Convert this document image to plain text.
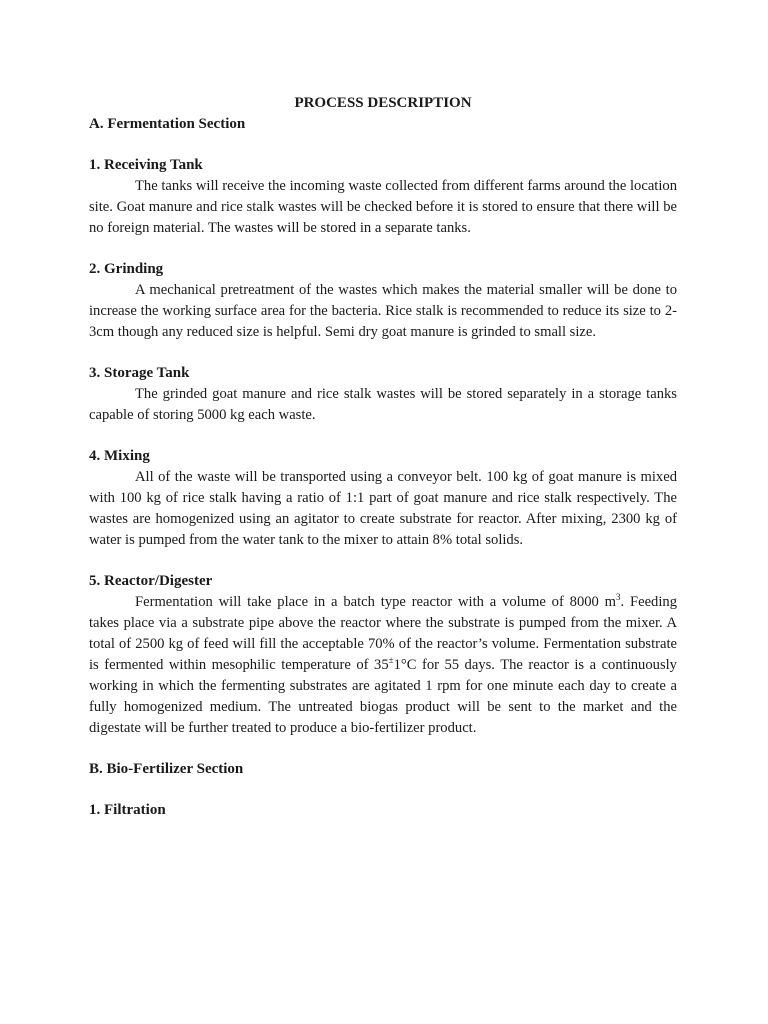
PROCESS DESCRIPTION
A. Fermentation Section
1. Receiving Tank

The tanks will receive the incoming waste collected from different farms around the location site. Goat manure and rice stalk wastes will be checked before it is stored to ensure that there will be no foreign material. The wastes will be stored in a separate tanks.

2. Grinding

A mechanical pretreatment of the wastes which makes the material smaller will be done to increase the working surface area for the bacteria. Rice stalk is recommended to reduce its size to 2-3cm though any reduced size is helpful. Semi dry goat manure is grinded to small size.

3. Storage Tank

The grinded goat manure and rice stalk wastes will be stored separately in a storage tanks capable of storing 5000 kg each waste.

4. Mixing

All of the waste will be transported using a conveyor belt. 100 kg of goat manure is mixed with 100 kg of rice stalk having a ratio of 1:1 part of goat manure and rice stalk respectively. The wastes are homogenized using an agitator to create substrate for reactor. After mixing, 2300 kg of water is pumped from the water tank to the mixer to attain 8% total solids.

5. Reactor/Digester

Fermentation will take place in a batch type reactor with a volume of 8000 $m^3$. Feeding takes place via a substrate pipe above the reactor where the substrate is pumped from the mixer. A total of 2500 kg of feed will fill the acceptable 70% of the reactor’s volume. Fermentation substrate is fermented within mesophilic temperature of 35±1°C for 55 days. The reactor is a continuously working in which the fermenting substrates are agitated 1 rpm for one minute each day to create a fully homogenized medium. The untreated biogas product will be sent to the market and the digestate will be further treated to produce a bio-fertilizer product.

B. Bio-Fertilizer Section
1. Filtration
